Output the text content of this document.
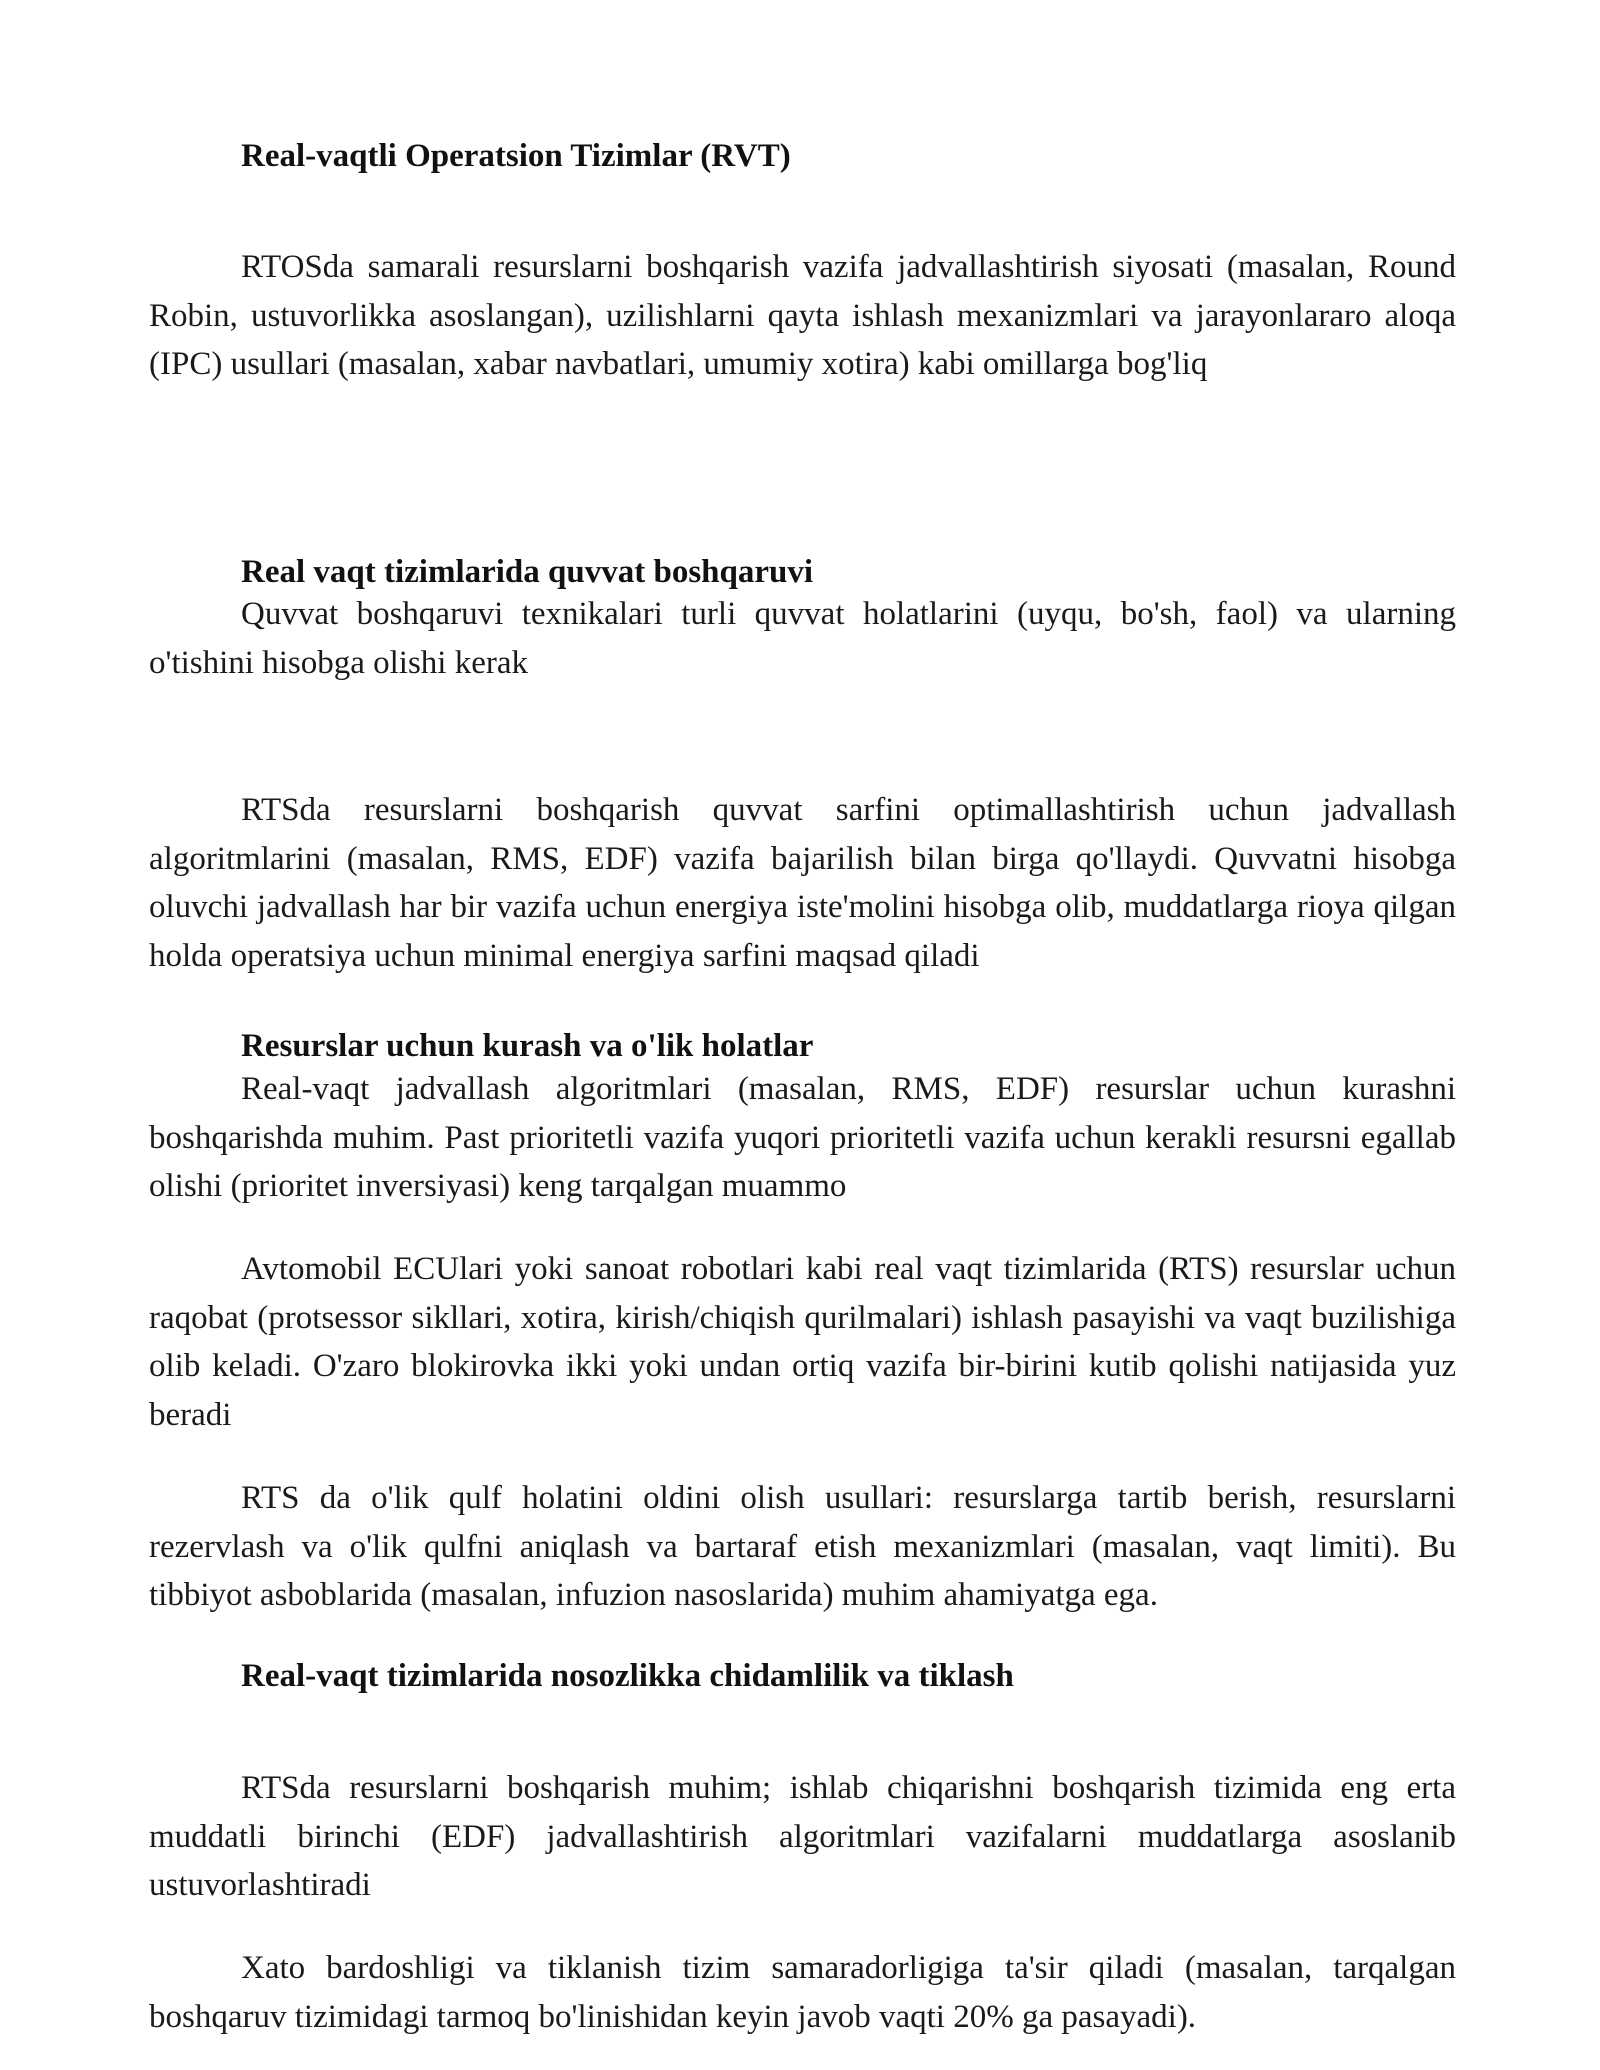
Real-vaqtli Operatsion Tizimlar (RVT)

RTOSda samarali resurslarni boshqarish vazifa jadvallashtirish siyosati (masalan, Round Robin, ustuvorlikka asoslangan), uzilishlarni qayta ishlash mexanizmlari va jarayonlararo aloqa (IPC) usullari (masalan, xabar navbatlari, umumiy xotira) kabi omillarga bog'liq

Real vaqt tizimlarida quvvat boshqaruvi

Quvvat boshqaruvi texnikalari turli quvvat holatlarini (uyqu, bo'sh, faol) va ularning o'tishini hisobga olishi kerak

RTSda resurslarni boshqarish quvvat sarfini optimallashtirish uchun jadvallash algoritmlarini (masalan, RMS, EDF) vazifa bajarilish bilan birga qo'llaydi. Quvvatni hisobga oluvchi jadvallash har bir vazifa uchun energiya iste'molini hisobga olib, muddatlarga rioya qilgan holda operatsiya uchun minimal energiya sarfini maqsad qiladi

Resurslar uchun kurash va o'lik holatlar

Real-vaqt jadvallash algoritmlari (masalan, RMS, EDF) resurslar uchun kurashni boshqarishda muhim. Past prioritetli vazifa yuqori prioritetli vazifa uchun kerakli resursni egallab olishi (prioritet inversiyasi) keng tarqalgan muammo

Avtomobil ECUlari yoki sanoat robotlari kabi real vaqt tizimlarida (RTS) resurslar uchun raqobat (protsessor sikllari, xotira, kirish/chiqish qurilmalari) ishlash pasayishi va vaqt buzilishiga olib keladi. O'zaro blokirovka ikki yoki undan ortiq vazifa bir-birini kutib qolishi natijasida yuz beradi

RTS da o'lik qulf holatini oldini olish usullari: resurslarga tartib berish, resurslarni rezervlash va o'lik qulfni aniqlash va bartaraf etish mexanizmlari (masalan, vaqt limiti). Bu tibbiyot asboblarida (masalan, infuzion nasoslarida) muhim ahamiyatga ega.

Real-vaqt tizimlarida nosozlikka chidamlilik va tiklash

RTSda resurslarni boshqarish muhim; ishlab chiqarishni boshqarish tizimida eng erta muddatli birinchi (EDF) jadvallashtirish algoritmlari vazifalarni muddatlarga asoslanib ustuvorlashtiradi

Xato bardoshligi va tiklanish tizim samaradorligiga ta'sir qiladi (masalan, tarqalgan boshqaruv tizimidagi tarmoq bo'linishidan keyin javob vaqti 20% ga pasayadi).
